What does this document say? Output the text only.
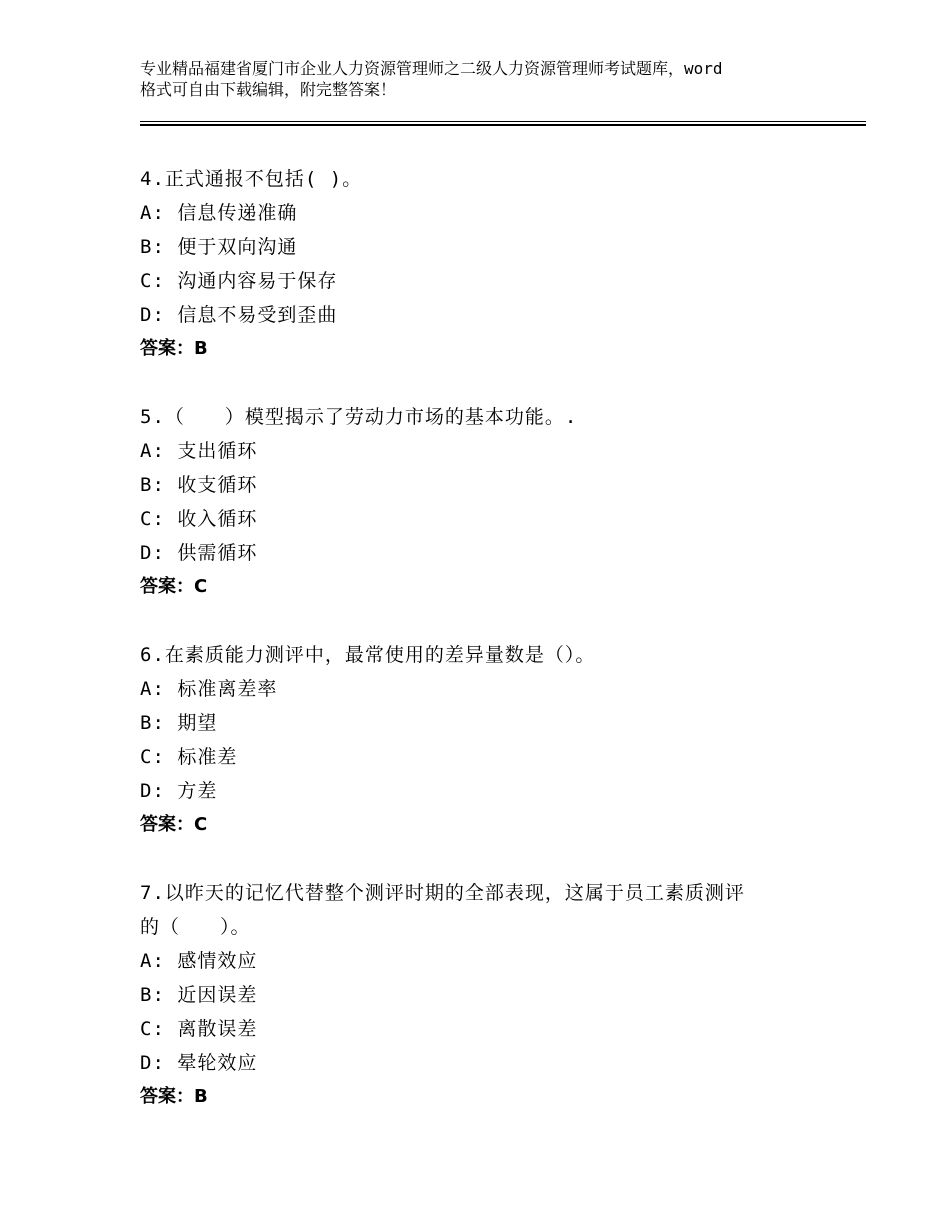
专业精品福建省厦门市企业人力资源管理师之二级人力资源管理师考试题库，word
格式可自由下载编辑，附完整答案！
4.正式通报不包括( )。
A: 信息传递准确
B: 便于双向沟通
C: 沟通内容易于保存
D: 信息不易受到歪曲
答案：B
5.（　　）模型揭示了劳动力市场的基本功能。.
A: 支出循环
B: 收支循环
C: 收入循环
D: 供需循环
答案：C
6.在素质能力测评中，最常使用的差异量数是（）。
A: 标准离差率
B: 期望
C: 标准差
D: 方差
答案：C
7.以昨天的记忆代替整个测评时期的全部表现，这属于员工素质测评
的（　　）。
A: 感情效应
B: 近因误差
C: 离散误差
D: 晕轮效应
答案：B
